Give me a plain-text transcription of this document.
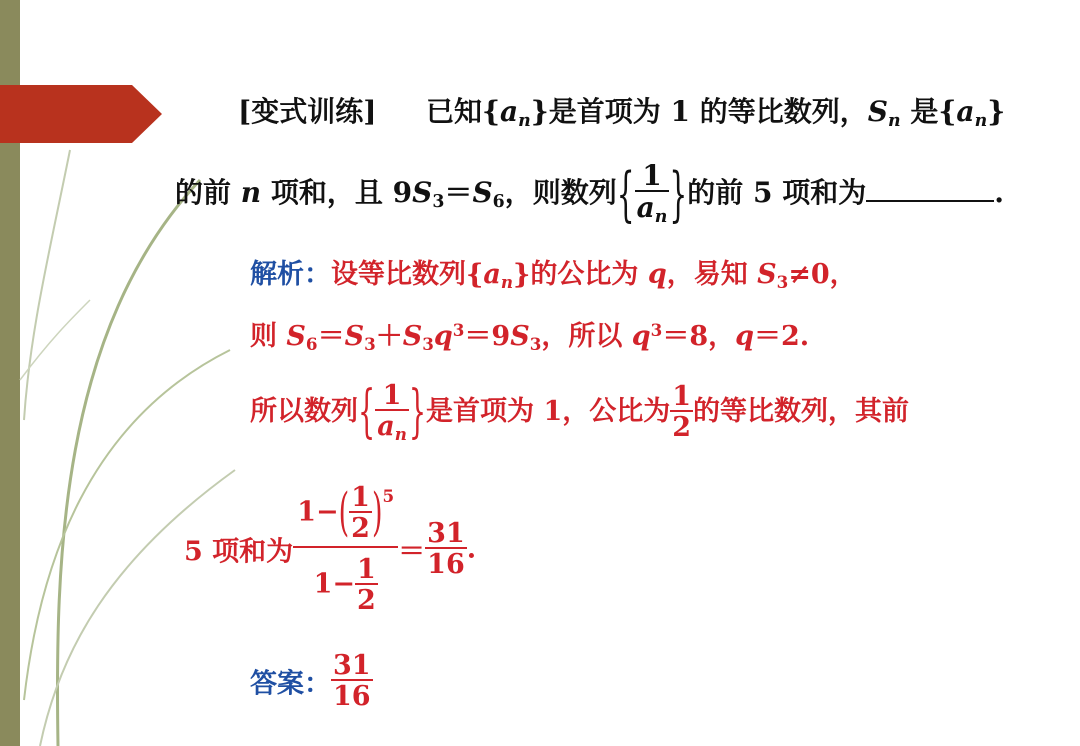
[变式训练] 已知$\{a_n\}$是首项为 1 的等比数列，$S_n$ 是$\{a_n\}$
的前 n 项和，且 $9S_3=S_6$，则数列{ $\frac{1}{a_n}$ }的前 5 项和为	.
解析：设等比数列$\{a_n\}$的公比为 q，易知 $S_3\ne 0$，
则 $S_6=S_3+S_3q^3=9S_3$，所以 $q^3=8$，q＝2.
所以数列{ $\frac{1}{a_n}$ }是首项为 1，公比为 $\frac{1}{2}$ 的等比数列，其前
5 项和为 $\frac{1-( \frac{1}{2} )^5}{1- \frac{1}{2}} = \frac{31}{16}$ .
答案： $\frac{31}{16}$
